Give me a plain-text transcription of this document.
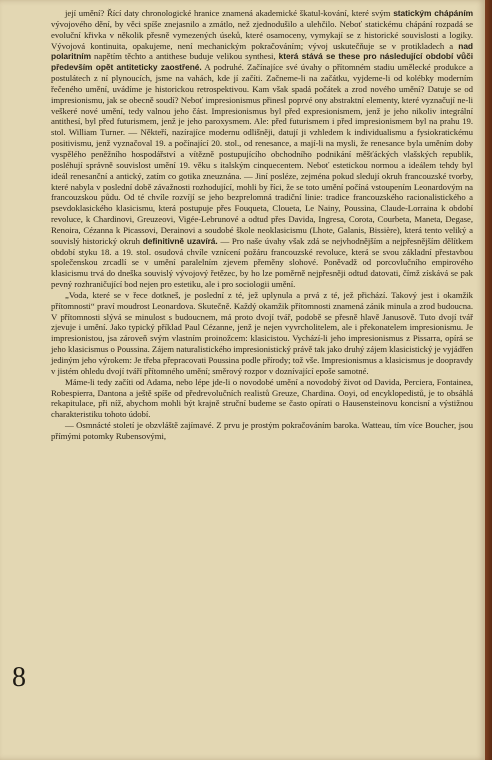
její umění? Řící daty chronologické hranice znamená akademické škatul-kování, které svým statickým chápáním vývojového dění, by věci spíše znejasnilo a zmátlo, než zjednodušilo a ulehčilo. Neboť statickému chápání rozpadá se evoluční křivka v několik přesně vymezených úseků, které osamoceny, vymykají se z historické souvislosti a logiky. Vývojová kontinuita, opakujeme, není mechanickým pokračováním; vývoj uskutečňuje se v protikladech a nad polaritním napětím těchto a antithese buduje velikou synthesi, která stává se these pro následující období vůči především opět antiteticky zaostřené. A podruhé. Začínajíce své úvahy o přítomném stadiu umělecké produkce a postulátech z ní plynoucích, jsme na vahách, kde jí začíti. Začneme-li na začátku, vyjdeme-li od kolébky moderním řečeného umění, uvádíme je historickou retrospektivou. Kam však spadá počátek a zrod nového umění? Datuje se od impresionismu, jak se obecně soudí? Neboť impresionismus přinesl poprvé ony abstraktní elementy, které vyznačují ne-li veškeré nové umění, tedy valnou jeho část. Impresionismus byl před expresionismem, jenž je jeho nikoliv integrální antithesí, byl před futurismem, jenž je jeho paroxysmem. Ale: před futurismem i před impresionismem byl na prahu 19. stol. William Turner. — Někteří, nazírajíce modernu odlišněji, datují ji vzhledem k individualismu a fysiokratickému positivismu, jenž vyznačoval 19. a počínající 20. stol., od renesance, a mají-li na mysli, že renesance byla uměním doby vyspělého peněžního hospodářství a vítězně postupujícího obchodního podnikání měšťáckých vlašských republik, posléhují správně souvislost umění 19. věku s italským cinquecentem. Neboť estetickou normou a ideálem tehdy byl ideál renesanční a antický, zatím co gotika zneuznána. — Jiní posléze, zejména pokud sledují okruh francouzské tvorby, které nabyla v poslední době závažnosti rozhodující, mohli by říci, že se toto umění počíná vstoupením Leonardovým na francouzskou půdu. Od té chvíle rozvíjí se jeho bezprelomná tradiční linie: tradice francouzského racionalistického a psevdoklasického klasicismu, která postupuje přes Fouqueta, Clouetа, Le Nainy, Poussina, Claude-Lorraina k období revoluce, k Chardinovi, Greuzeovi, Vigée-Lebrunové a odtud přes Davida, Ingresa, Corota, Courbeta, Maneta, Degase, Renoira, Cézanna k Picassovi, Derainovi a soudobé škole neoklasicismu (Lhote, Galanis, Bissière), která tento veliký a souvislý historický okruh definitivně uzavírá. — Pro naše úvahy však zdá se nejvhodnějším a nejpřesnějším dělítkem období styku 18. a 19. stol. osudová chvíle vznícení požáru francouzské revoluce, která se svou základní přestavbou společenskou zrcadlí se v umění paralelním zjevem přeměny slohové. Poněvadž od porcovlučního empirového klasicismu trvá do dneška souvislý vývojový řetězec, by ho lze poměrně nejpřesněji odtud datovati, čímž získává se pak pevný rozhraničující bod nejen pro estetiku, ale i pro sociologii umění.

„Voda, které se v řece dotkneš, je poslední z té, jež uplynula a prvá z té, jež přichází. Takový jest i okamžik přítomnosti“ praví moudrost Leonardova. Skutečně. Každý okamžik přítomnosti znamená zánik minula a zrod budoucna. V přítomnosti slývá se minulost s budoucnem, má proto dvojí tvář, podobě se přesně hlavě Janusově. Tuto dvojí tvář zjevuje i umění. Jako typický příklad Paul Cézanne, jenž je nejen vyvrcholitelem, ale i překonatelem impresionismu. Je impresionistou, jsa zároveň svým vlastním proinožcem: klasicistou. Vychází-li jeho impresionismus z Pissarra, opírá se jeho klasicismus o Poussina. Zájem naturalistického impresionistický právě tak jako druhý zájem klasicistický je vyjádřen jediným jeho výrokem: Je třeba přepracovati Poussina podle přírody; tož vše. Impresionismus a klasicismus je doopravdy v jistém ohledu dvojí tváří přítomného umění; směrový rozpor v doznívající epoše samotné.

Máme-li tedy začíti od Adama, nebo lépe jde-li o novodobé umění a novodobý život od Davida, Perciera, Fontainea, Robespierra, Dantona a ještě spíše od předrevolučních realistů Greuze, Chardina. Ooyi, od encyklopedistů, je to obsáhlá rekapitulace, při níž, abychom mohli být krajně struční budeme se často opírati o Hausensteinovu koncisní a výstižnou charakteristiku tohoto údobí.

— Osmnácté století je obzvláště zajímavé. Z prvu je prostým pokračováním baroka. Watteau, tím více Boucher, jsou přímými potomky Rubensovými,

8
